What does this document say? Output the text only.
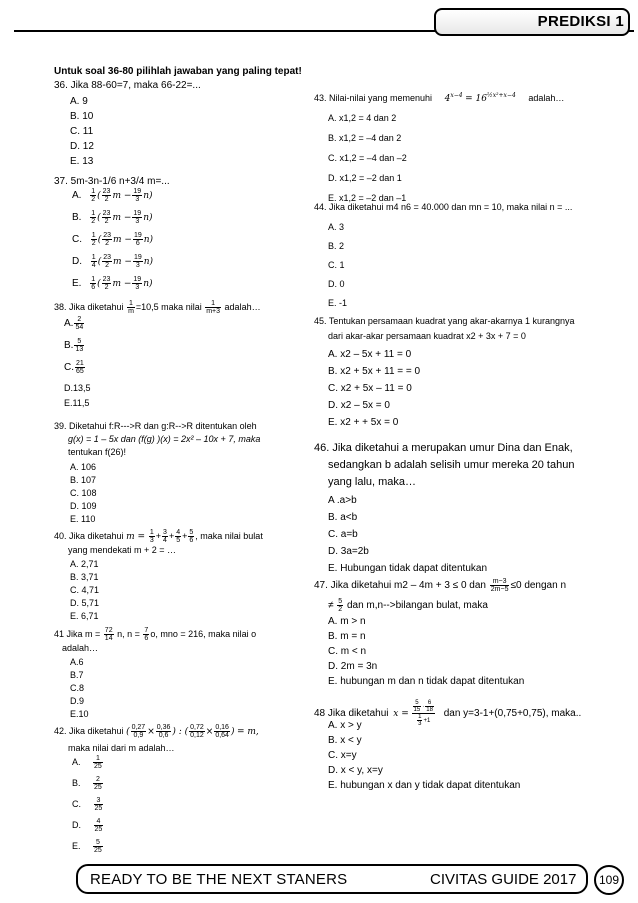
PREDIKSI 1
Untuk soal 36-80 pilihlah jawaban yang paling tepat!
36. Jika 88-60=7, maka 66-22=...
A. 9
B. 10
C. 11
D. 12
E. 13
37. 5m-3n-1/6 n+3/4 m=...
A. $\frac{1}{2}$ ( $\frac{23}{2}$ $m - \frac{19}{3} n$)
B. $\frac{1}{2}$ ( $\frac{23}{2}$ $m - \frac{19}{3} n$)
C. $\frac{1}{2}$ ( $\frac{23}{2}$ $m - \frac{19}{6} n$)
D. $\frac{1}{4}$ ( $\frac{23}{2}$ $m - \frac{19}{3} n$)
E. $\frac{1}{6}$ ( $\frac{23}{2}$ $m - \frac{19}{3} n$)
38. Jika diketahui $\frac{1}{m} =10,5$ maka nilai $\frac{1}{m+3}$ adalah…
A. $\frac{2}{54}$
B. $\frac{5}{13}$
C. $\frac{21}{65}$
D.13,5
E.11,5
39. Diketahui f:R--->R dan g:R-->R ditentukan oleh
g(x) = 1 – 5x dan (f(g) )(x) = 2x² – 10x + 7, maka
tentukan f(26)!
A. 106
B. 107
C. 108
D. 109
E. 110
40. Jika diketahui $m = \frac{1}{3} + \frac{3}{4} + \frac{4}{5} + \frac{5}{6}$ , maka nilai bulat
yang mendekati m + 2 = …
A. 2,71
B. 3,71
C. 4,71
D. 5,71
E. 6,71
41 Jika $m = \frac{72}{14} n$, $n = \frac{7}{6} o$, mno = 216, maka nilai o
adalah…
A.6
B.7
C.8
D.9
E.10
42. Jika diketahui ( $\frac{0,27}{0,9} \times \frac{0,36}{0,6}$ ) : ( $\frac{0,72}{0,12} \times \frac{0,16}{0,64}$ ) = m,
maka nilai dari m adalah…
A. $\frac{1}{25}$
B. $\frac{2}{25}$
C. $\frac{3}{25}$
D. $\frac{4}{25}$
E. $\frac{5}{25}$
43. Nilai-nilai yang memenuhi $4^{x-4} = 16^{\frac{1}{2}x^2+x-4}$ adalah…
A. x1,2 = 4 dan 2
B. x1,2 = –4 dan 2
C. x1,2 = –4 dan –2
D. x1,2 = –2 dan 1
E. x1,2 = –2 dan –1
44. Jika diketahui m4 n6 = 40.000 dan mn = 10, maka nilai n = ...
A. 3
B. 2
C. 1
D. 0
E. -1
45. Tentukan persamaan kuadrat yang akar-akarnya 1 kurangnya
dari akar-akar persamaan kuadrat x2 + 3x + 7 = 0
A. x2 – 5x + 11 = 0
B. x2 + 5x + 11 = = 0
C. x2 + 5x – 11 = 0
D. x2 – 5x = 0
E. x2 + + 5x = 0
46. Jika diketahui a merupakan umur Dina dan Enak,
sedangkan b adalah selisih umur mereka 20 tahun
yang lalu, maka…
A .a>b
B. a<b
C. a=b
D. 3a=2b
E. Hubungan tidak dapat ditentukan
47. Jika diketahui m2 – 4m + 3 ≤ 0 dan $\frac{m-3}{2m-5} \le 0$ dengan n
≠ $\frac{5}{2}$ dan m,n-->bilangan bulat, maka
A. m > n
B. m = n
C. m < n
D. 2m = 3n
E. hubungan m dan n tidak dapat ditentukan
48 Jika diketahui $x = \frac{\frac{5}{15} \cdot \frac{6}{18}}{\frac{1}{3} +1}$ dan y=3-1+(0,75+0,75), maka..
A. x > y
B. x < y
C. x=y
D. x < y, x=y
E. hubungan x dan y tidak dapat ditentukan
READY TO BE THE NEXT STANERS	CIVITAS GUIDE 2017	109
